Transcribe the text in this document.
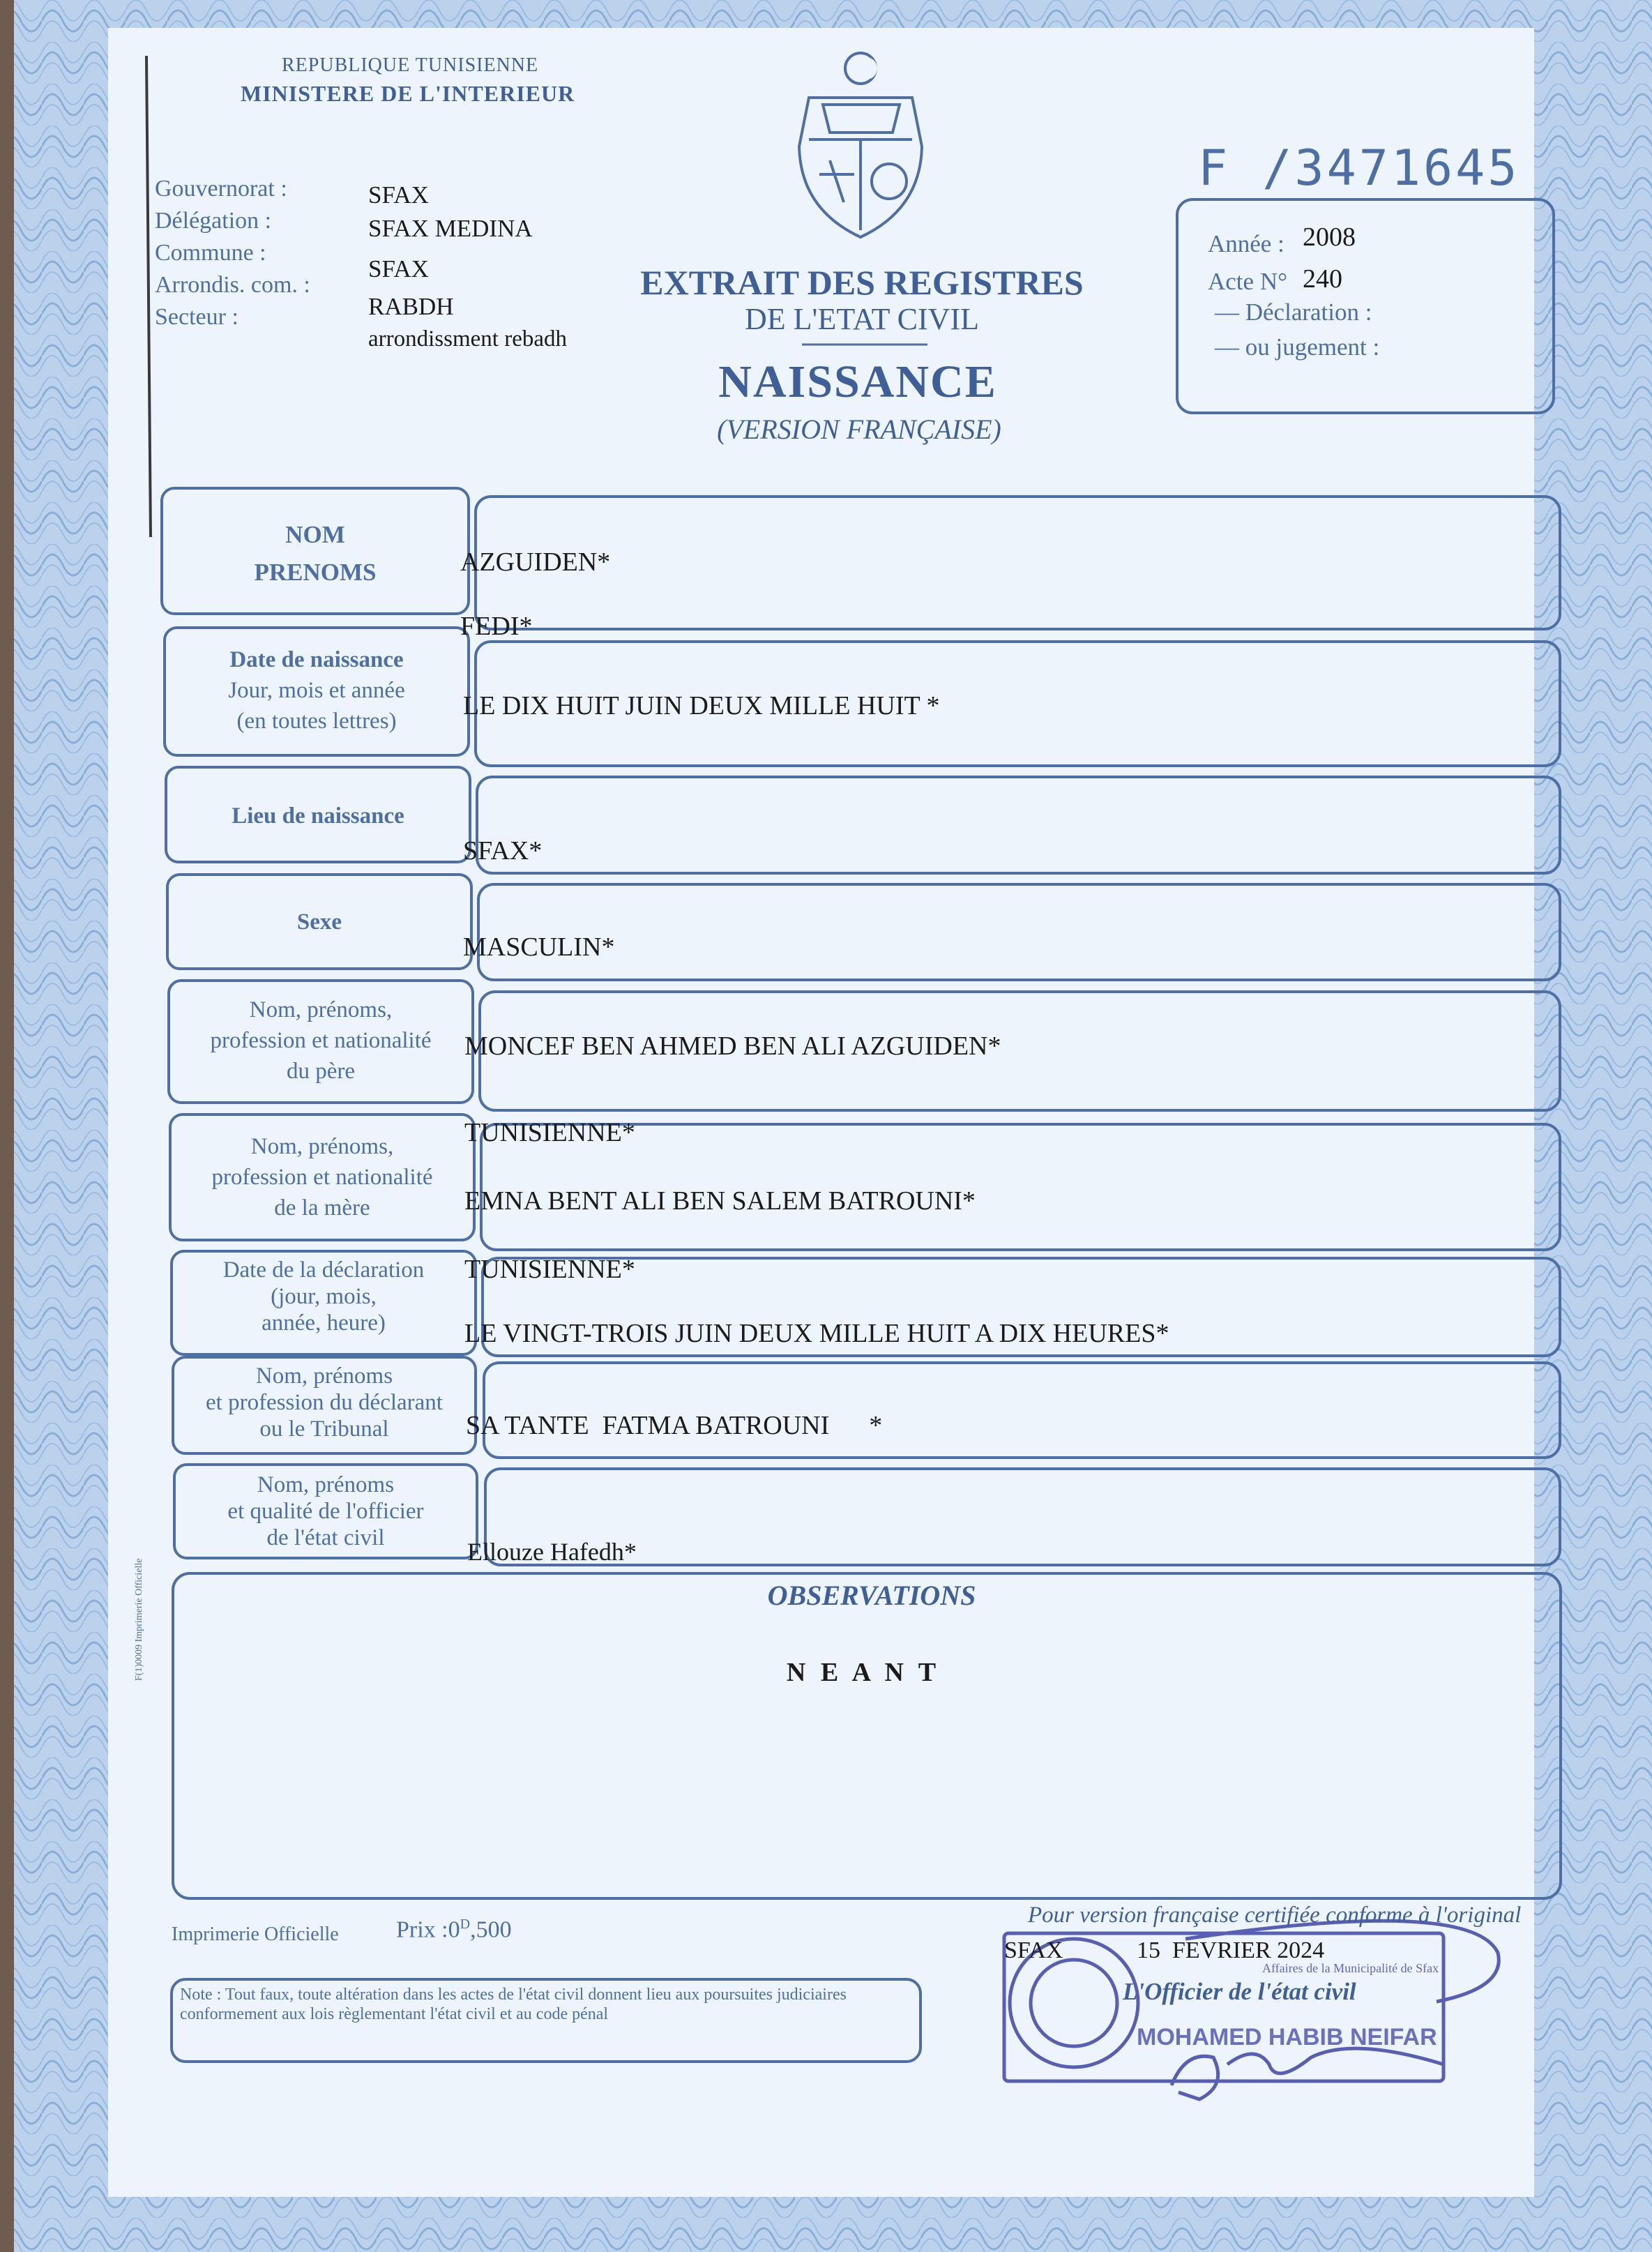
REPUBLIQUE TUNISIENNE
MINISTERE DE L'INTERIEUR
F /3471645
Gouvernorat :
Délégation :
Commune :
Arrondis. com. :
Secteur :
SFAX
SFAX MEDINA
SFAX
RABDH
arrondissment rebadh
EXTRAIT DES REGISTRES
DE L'ETAT CIVIL
NAISSANCE
(VERSION FRANÇAISE)
Année : 2008
Acte N° 240
— Déclaration :
— ou jugement :
NOM
PRENOMS
Date de naissance
Jour, mois et année
(en toutes lettres)
Lieu de naissance
Sexe
Nom, prénoms,
profession et nationalité
du père
Nom, prénoms,
profession et nationalité
de la mère
Date de la déclaration
(jour, mois,
année, heure)
Nom, prénoms
et profession du déclarant
ou le Tribunal
Nom, prénoms
et qualité de l'officier
de l'état civil
AZGUIDEN*
FEDI*
LE DIX HUIT JUIN DEUX MILLE HUIT *
SFAX*
MASCULIN*
MONCEF BEN AHMED BEN ALI AZGUIDEN*
TUNISIENNE*
EMNA BENT ALI BEN SALEM BATROUNI*
TUNISIENNE*
LE VINGT-TROIS JUIN DEUX MILLE HUIT A DIX HEURES*
SA TANTE  FATMA BATROUNI      *
Ellouze Hafedh*
OBSERVATIONS
N E A N T
F(1)0009 Imprimerie Officielle
Imprimerie Officielle Prix $:0^D,500$
Note : Tout faux, toute altération dans les actes de l'état civil donnent lieu aux poursuites judiciaires conformement aux lois règlementant l'état civil et au code pénal
Pour version française certifiée conforme à l'original
SFAX	15  FEVRIER 2024
L'Officier de l'état civil
Affaires de la Municipalité de Sfax
MOHAMED HABIB NEIFAR
